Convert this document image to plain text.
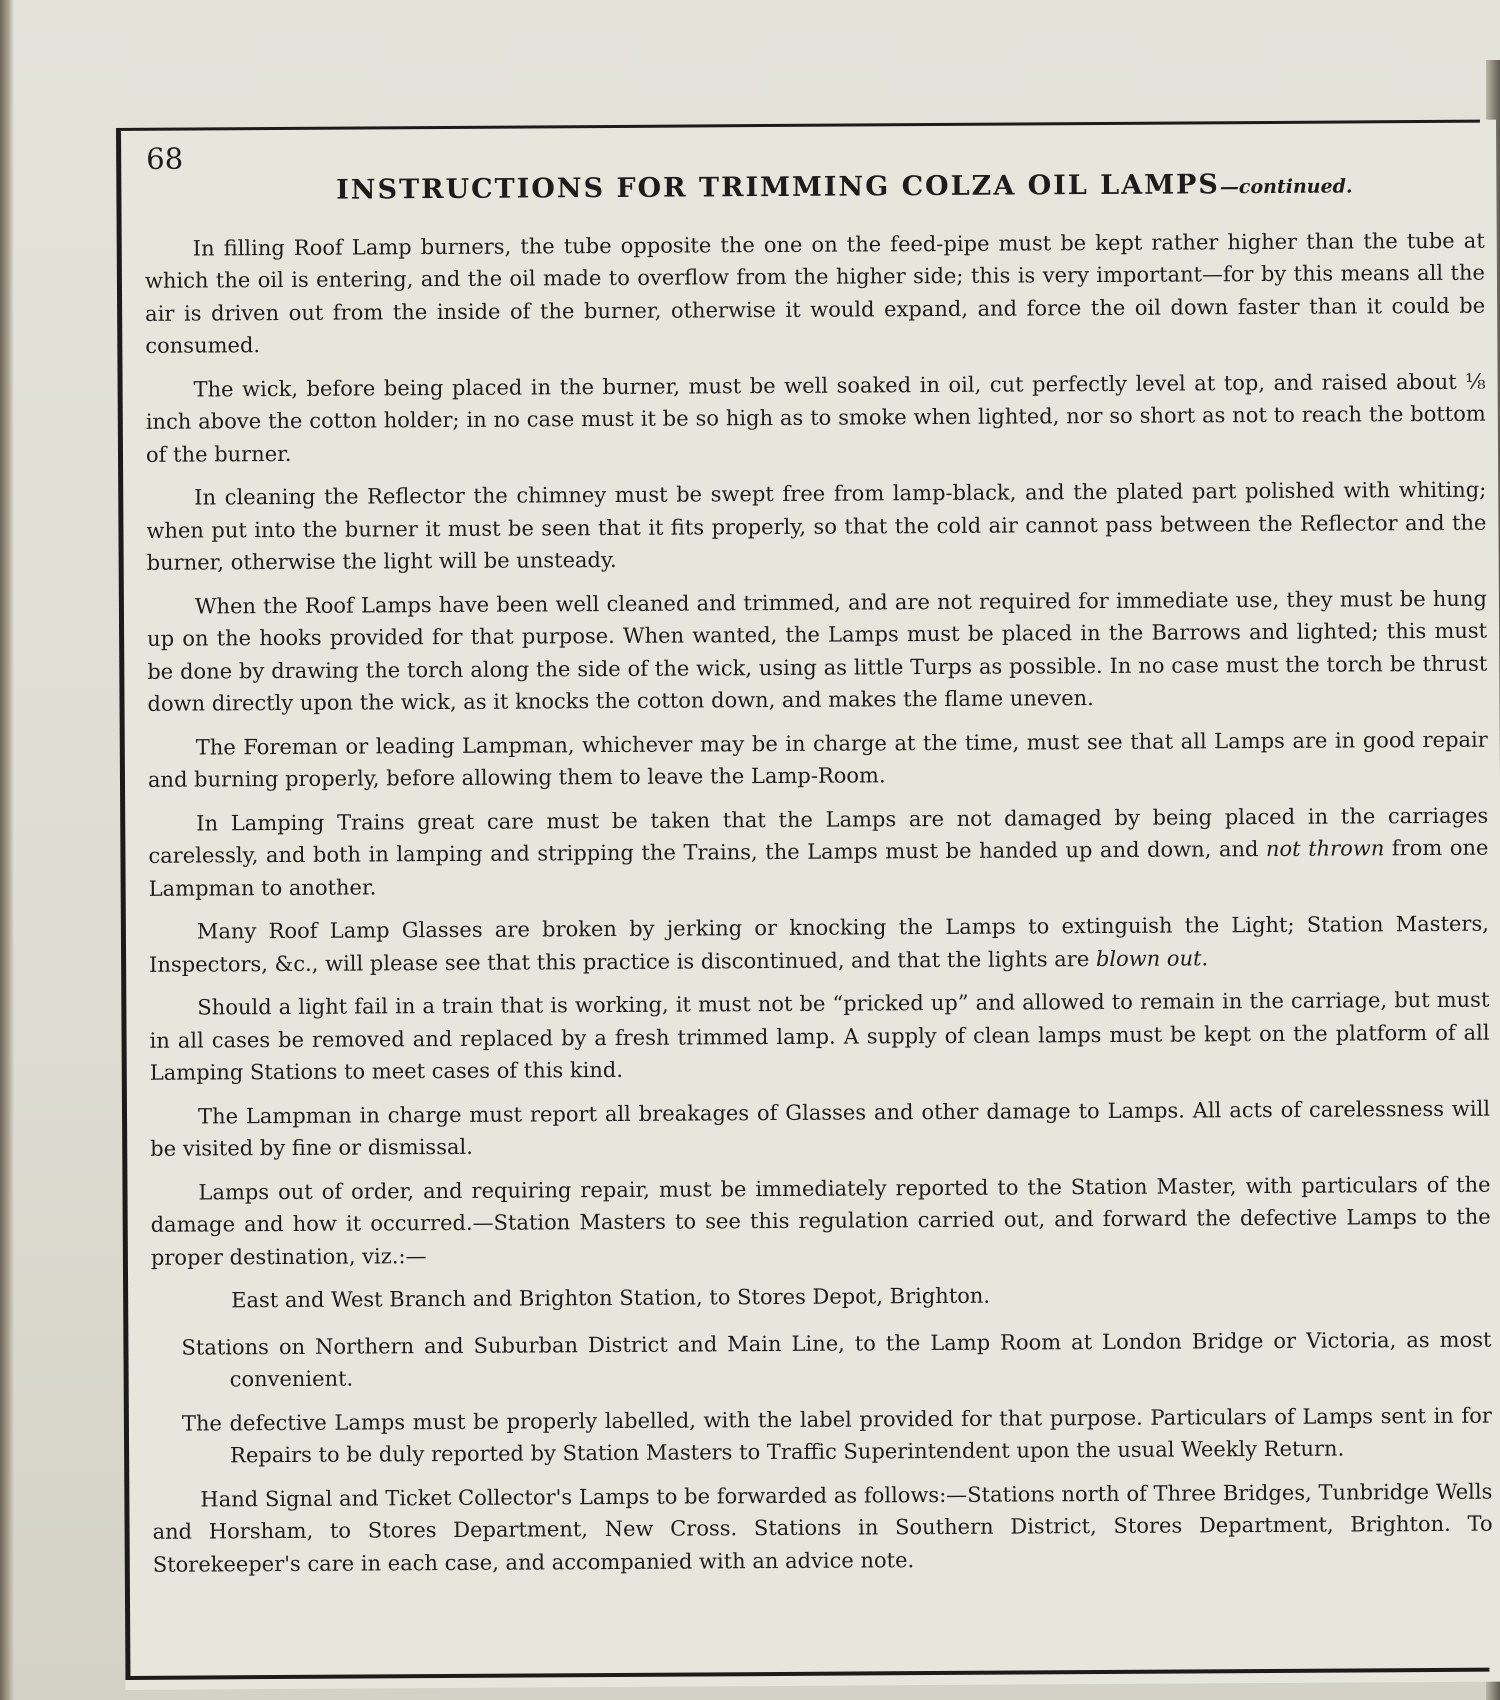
68
INSTRUCTIONS FOR TRIMMING COLZA OIL LAMPS—continued.

In filling Roof Lamp burners, the tube opposite the one on the feed-pipe must be kept rather higher than the tube at which the oil is entering, and the oil made to overflow from the higher side; this is very important—for by this means all the air is driven out from the inside of the burner, otherwise it would expand, and force the oil down faster than it could be consumed.

The wick, before being placed in the burner, must be well soaked in oil, cut perfectly level at top, and raised about ⅛ inch above the cotton holder; in no case must it be so high as to smoke when lighted, nor so short as not to reach the bottom of the burner.

In cleaning the Reflector the chimney must be swept free from lamp-black, and the plated part polished with whiting; when put into the burner it must be seen that it fits properly, so that the cold air cannot pass between the Reflector and the burner, otherwise the light will be unsteady.

When the Roof Lamps have been well cleaned and trimmed, and are not required for immediate use, they must be hung up on the hooks provided for that purpose. When wanted, the Lamps must be placed in the Barrows and lighted; this must be done by drawing the torch along the side of the wick, using as little Turps as possible. In no case must the torch be thrust down directly upon the wick, as it knocks the cotton down, and makes the flame uneven.

The Foreman or leading Lampman, whichever may be in charge at the time, must see that all Lamps are in good repair and burning properly, before allowing them to leave the Lamp-Room.

In Lamping Trains great care must be taken that the Lamps are not damaged by being placed in the carriages carelessly, and both in lamping and stripping the Trains, the Lamps must be handed up and down, and not thrown from one Lampman to another.

Many Roof Lamp Glasses are broken by jerking or knocking the Lamps to extinguish the Light; Station Masters, Inspectors, &c., will please see that this practice is discontinued, and that the lights are blown out.

Should a light fail in a train that is working, it must not be “pricked up” and allowed to remain in the carriage, but must in all cases be removed and replaced by a fresh trimmed lamp. A supply of clean lamps must be kept on the platform of all Lamping Stations to meet cases of this kind.

The Lampman in charge must report all breakages of Glasses and other damage to Lamps. All acts of carelessness will be visited by fine or dismissal.

Lamps out of order, and requiring repair, must be immediately reported to the Station Master, with particulars of the damage and how it occurred.—Station Masters to see this regulation carried out, and forward the defective Lamps to the proper destination, viz.:—

East and West Branch and Brighton Station, to Stores Depot, Brighton.

Stations on Northern and Suburban District and Main Line, to the Lamp Room at London Bridge or Victoria, as most convenient.

The defective Lamps must be properly labelled, with the label provided for that purpose. Particulars of Lamps sent in for Repairs to be duly reported by Station Masters to Traffic Superintendent upon the usual Weekly Return.

Hand Signal and Ticket Collector's Lamps to be forwarded as follows:—Stations north of Three Bridges, Tunbridge Wells and Horsham, to Stores Department, New Cross. Stations in Southern District, Stores Department, Brighton. To Storekeeper's care in each case, and accompanied with an advice note.
